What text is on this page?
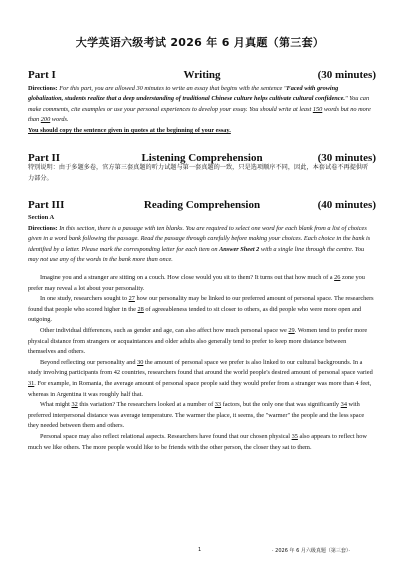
大学英语六级考试 2026 年 6 月真题（第三套）
Writing
Part I	(30 minutes)
Directions: For this part, you are allowed 30 minutes to write an essay that begins with the sentence "Faced with growing globalization, students realize that a deep understanding of traditional Chinese culture helps cultivate cultural confidence." You can make comments, cite examples or use your personal experiences to develop your essay. You should write at least 150 words but no more than 200 words.
You should copy the sentence given in quotes at the beginning of your essay.
Listening Comprehension
Part II	(30 minutes)
特别说明：由于多题多卷，官方第三套真题的听力试题与第一套真题的一致，只是选项顺序不同，因此，本套试卷不再提供听力部分。
Reading Comprehension
Part III	(40 minutes)
Section A
Directions: In this section, there is a passage with ten blanks. You are required to select one word for each blank from a list of choices given in a word bank following the passage. Read the passage through carefully before making your choices. Each choice in the bank is identified by a letter. Please mark the corresponding letter for each item on Answer Sheet 2 with a single line through the centre. You may not use any of the words in the bank more than once.

Imagine you and a stranger are sitting on a couch. How close would you sit to them? It turns out that how much of a 26 zone you prefer may reveal a lot about your personality.

In one study, researchers sought to 27 how our personality may be linked to our preferred amount of personal space. The researchers found that people who scored higher in the 28 of agreeableness tended to sit closer to others, as did people who were more open and outgoing.

Other individual differences, such as gender and age, can also affect how much personal space we 29. Women tend to prefer more physical distance from strangers or acquaintances and older adults also generally tend to prefer to keep more distance between themselves and others.

Beyond reflecting our personality and 30 the amount of personal space we prefer is also linked to our cultural backgrounds. In a study involving participants from 42 countries, researchers found that around the world people's desired amount of personal space varied 31. For example, in Romania, the average amount of personal space people said they would prefer from a stranger was more than 4 feet, whereas in Argentina it was roughly half that.

What might 32 this variation? The researchers looked at a number of 33 factors, but the only one that was significantly 34 with preferred interpersonal distance was average temperature. The warmer the place, it seems, the "warmer" the people and the less space they needed between them and others.

Personal space may also reflect relational aspects. Researchers have found that our chosen physical 35 also appears to reflect how much we like others. The more people would like to be friends with the other person, the closer they sat to them.

1	· 2026 年 6 月六级真题（第三套）·
